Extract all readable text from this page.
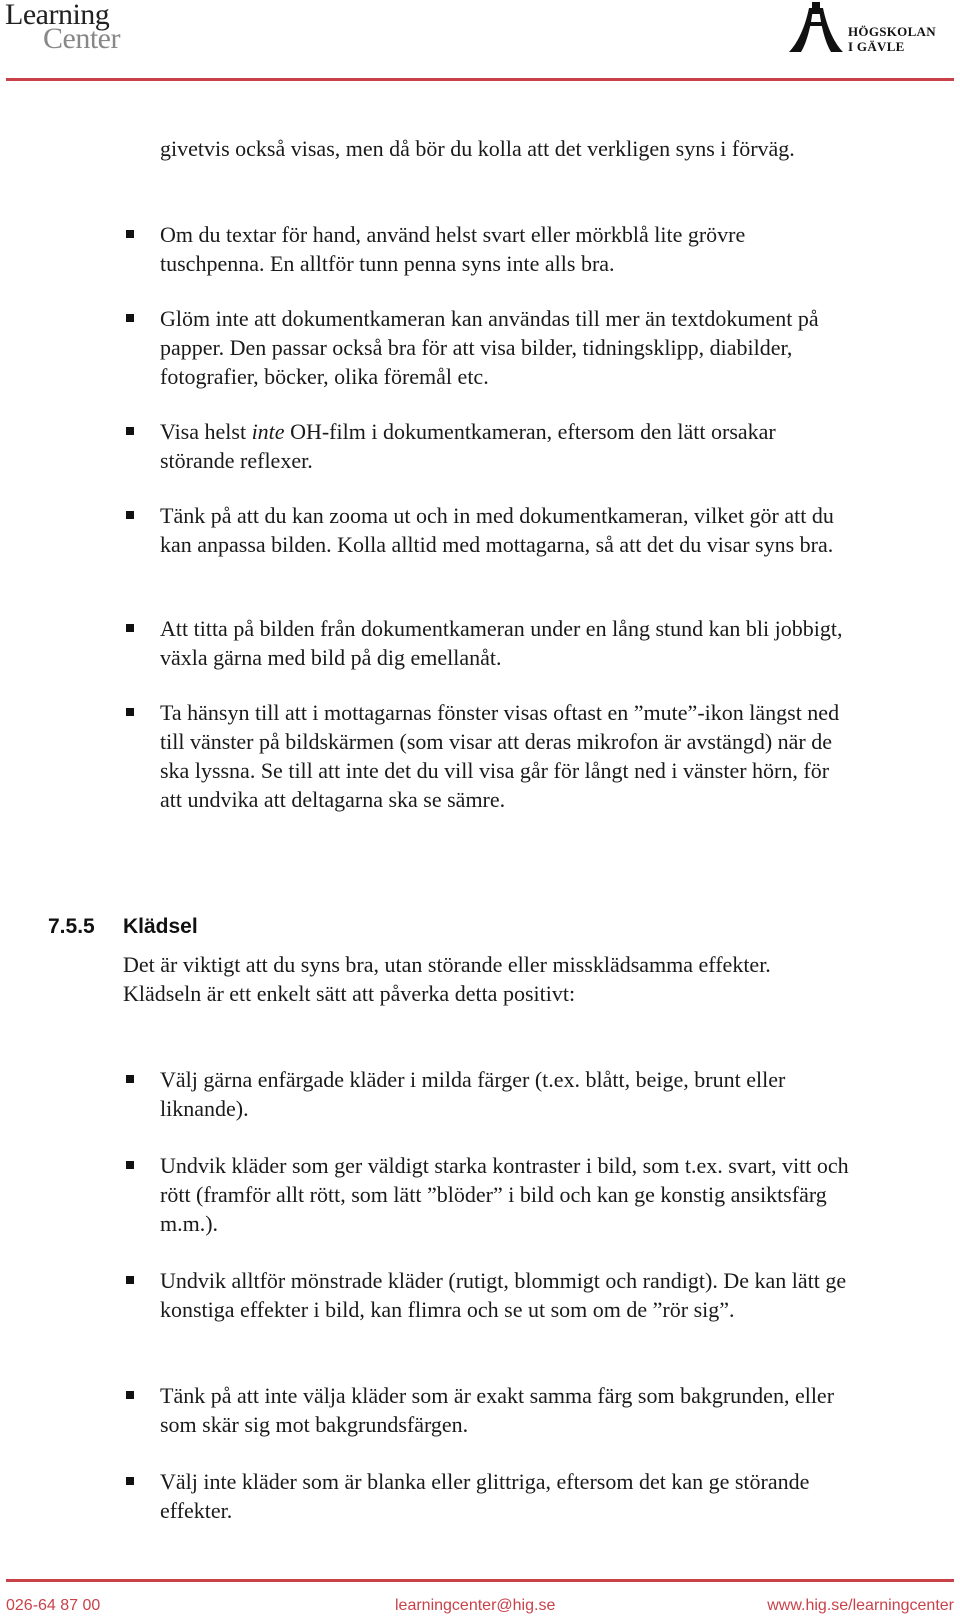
Learning
Center	HÖGSKOLAN
I GÄVLE
givetvis också visas, men då bör du kolla att det verkligen syns i förväg.
Om du textar för hand, använd helst svart eller mörkblå lite grövre tuschpenna. En alltför tunn penna syns inte alls bra.
Glöm inte att dokumentkameran kan användas till mer än textdokument på papper. Den passar också bra för att visa bilder, tidningsklipp, diabilder, fotografier, böcker, olika föremål etc.
Visa helst inte OH-film i dokumentkameran, eftersom den lätt orsakar störande reflexer.
Tänk på att du kan zooma ut och in med dokumentkameran, vilket gör att du kan anpassa bilden. Kolla alltid med mottagarna, så att det du visar syns bra.
Att titta på bilden från dokumentkameran under en lång stund kan bli jobbigt, växla gärna med bild på dig emellanåt.
Ta hänsyn till att i mottagarnas fönster visas oftast en ”mute”-ikon längst ned till vänster på bildskärmen (som visar att deras mikrofon är avstängd) när de ska lyssna. Se till att inte det du vill visa går för långt ned i vänster hörn, för att undvika att deltagarna ska se sämre.
7.5.5 Klädsel
Det är viktigt att du syns bra, utan störande eller missklädsamma effekter.
Klädseln är ett enkelt sätt att påverka detta positivt:
Välj gärna enfärgade kläder i milda färger (t.ex. blått, beige, brunt eller liknande).
Undvik kläder som ger väldigt starka kontraster i bild, som t.ex. svart, vitt och rött (framför allt rött, som lätt ”blöder” i bild och kan ge konstig ansiktsfärg m.m.).
Undvik alltför mönstrade kläder (rutigt, blommigt och randigt). De kan lätt ge konstiga effekter i bild, kan flimra och se ut som om de ”rör sig”.
Tänk på att inte välja kläder som är exakt samma färg som bakgrunden, eller som skär sig mot bakgrundsfärgen.
Välj inte kläder som är blanka eller glittriga, eftersom det kan ge störande effekter.
026-64 87 00	learningcenter@hig.se	www.hig.se/learningcenter
